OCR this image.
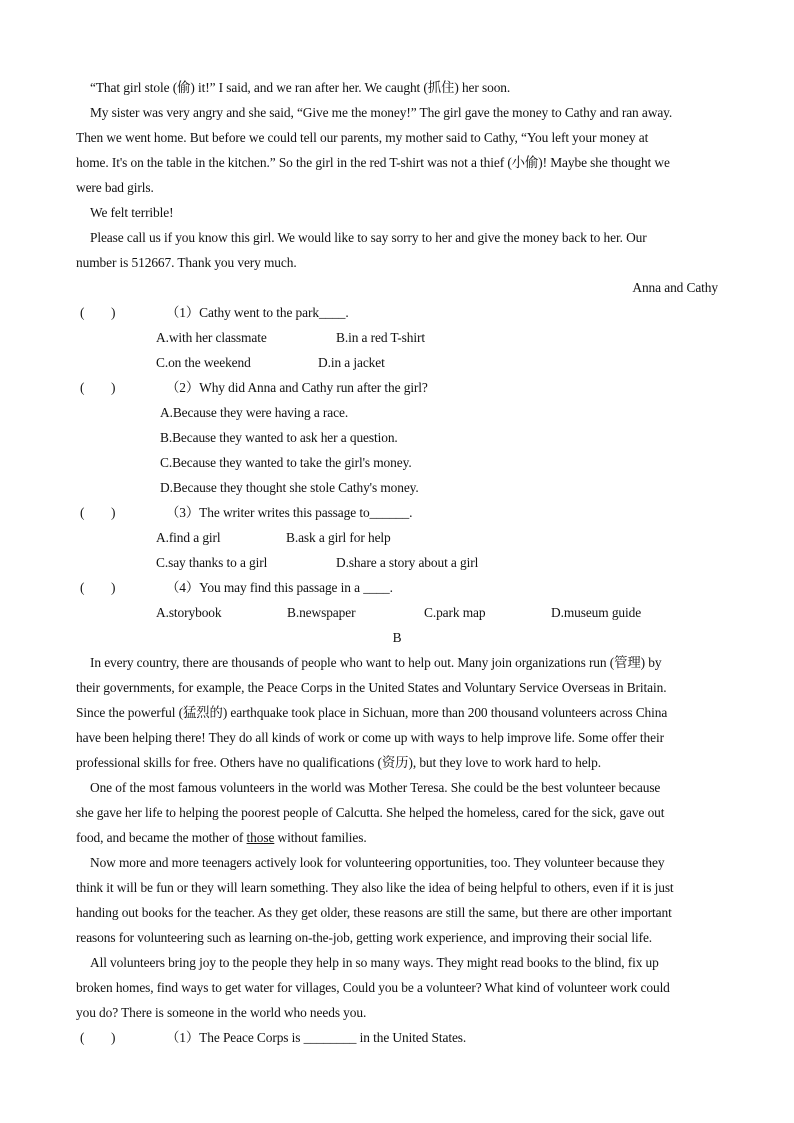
“That girl stole (偷) it!” I said, and we ran after her. We caught (抓住) her soon.
My sister was very angry and she said, “Give me the money!” The girl gave the money to Cathy and ran away.
Then we went home. But before we could tell our parents, my mother said to Cathy, “You left your money at
home. It's on the table in the kitchen.” So the girl in the red T-shirt was not a thief (小偷)! Maybe she thought we
were bad girls.
We felt terrible!
Please call us if you know this girl. We would like to say sorry to her and give the money back to her. Our
number is 512667. Thank you very much.
Anna and Cathy
(　　)	（1）Cathy went to the park____.
A.with her classmate	B.in a red T-shirt
C.on the weekend	D.in a jacket
(　　)	（2）Why did Anna and Cathy run after the girl?
A.Because they were having a race.
B.Because they wanted to ask her a question.
C.Because they wanted to take the girl's money.
D.Because they thought she stole Cathy's money.
(　　)	（3）The writer writes this passage to______.
A.find a girl	B.ask a girl for help
C.say thanks to a girl	D.share a story about a girl
(　　)	（4）You may find this passage in a ____.
A.storybook	B.newspaper	C.park map	D.museum guide
B
In every country, there are thousands of people who want to help out. Many join organizations run (管理) by
their governments, for example, the Peace Corps in the United States and Voluntary Service Overseas in Britain.
Since the powerful (猛烈的) earthquake took place in Sichuan, more than 200 thousand volunteers across China
have been helping there! They do all kinds of work or come up with ways to help improve life. Some offer their
professional skills for free. Others have no qualifications (资历), but they love to work hard to help.
One of the most famous volunteers in the world was Mother Teresa. She could be the best volunteer because
she gave her life to helping the poorest people of Calcutta. She helped the homeless, cared for the sick, gave out
food, and became the mother of those without families.
Now more and more teenagers actively look for volunteering opportunities, too. They volunteer because they
think it will be fun or they will learn something. They also like the idea of being helpful to others, even if it is just
handing out books for the teacher. As they get older, these reasons are still the same, but there are other important
reasons for volunteering such as learning on-the-job, getting work experience, and improving their social life.
All volunteers bring joy to the people they help in so many ways. They might read books to the blind, fix up
broken homes, find ways to get water for villages, Could you be a volunteer? What kind of volunteer work could
you do? There is someone in the world who needs you.
(　　)	（1）The Peace Corps is ________ in the United States.
